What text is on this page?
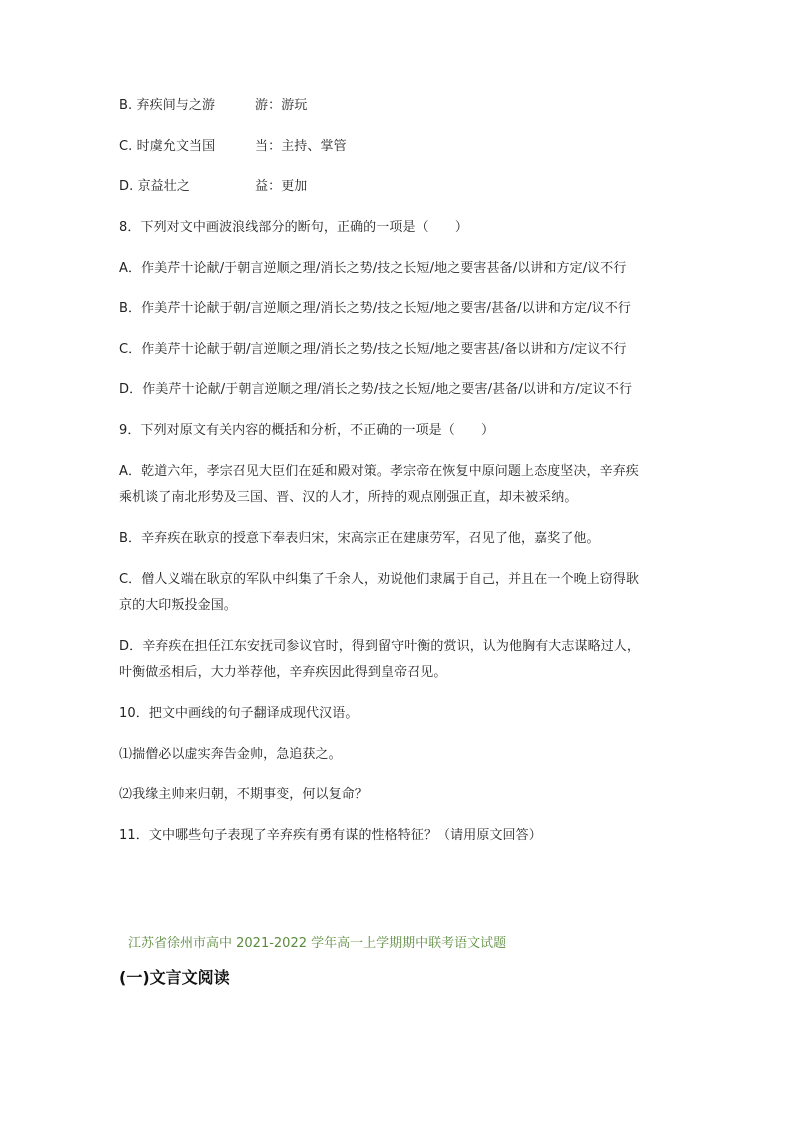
B. 弃疾间与之游	游：游玩
C. 时虞允文当国	当：主持、掌管
D. 京益壮之	益：更加
8．下列对文中画波浪线部分的断句，正确的一项是（　　）
A．作美芹十论献/于朝言逆顺之理/消长之势/技之长短/地之要害甚备/以讲和方定/议不行
B．作美芹十论献于朝/言逆顺之理/消长之势/技之长短/地之要害/甚备/以讲和方定/议不行
C．作美芹十论献于朝/言逆顺之理/消长之势/技之长短/地之要害甚/备以讲和方/定议不行
D．作美芹十论献/于朝言逆顺之理/消长之势/技之长短/地之要害/甚备/以讲和方/定议不行
9．下列对原文有关内容的概括和分析，不正确的一项是（　　）
A．乾道六年，孝宗召见大臣们在延和殿对策。孝宗帝在恢复中原问题上态度坚决，辛弃疾
乘机谈了南北形势及三国、晋、汉的人才，所持的观点刚强正直，却未被采纳。
B．辛弃疾在耿京的授意下奉表归宋，宋高宗正在建康劳军，召见了他，嘉奖了他。
C．僧人义端在耿京的军队中纠集了千余人，劝说他们隶属于自己，并且在一个晚上窃得耿
京的大印叛投金国。
D．辛弃疾在担任江东安抚司参议官时，得到留守叶衡的赏识，认为他胸有大志谋略过人，
叶衡做丞相后，大力举荐他，辛弃疾因此得到皇帝召见。
10．把文中画线的句子翻译成现代汉语。
⑴揣僧必以虚实奔告金帅，急追获之。
⑵我缘主帅来归朝，不期事变，何以复命？
11．文中哪些句子表现了辛弃疾有勇有谋的性格特征？（请用原文回答）
江苏省徐州市高中 2021-2022 学年高一上学期期中联考语文试题
(一)文言文阅读
